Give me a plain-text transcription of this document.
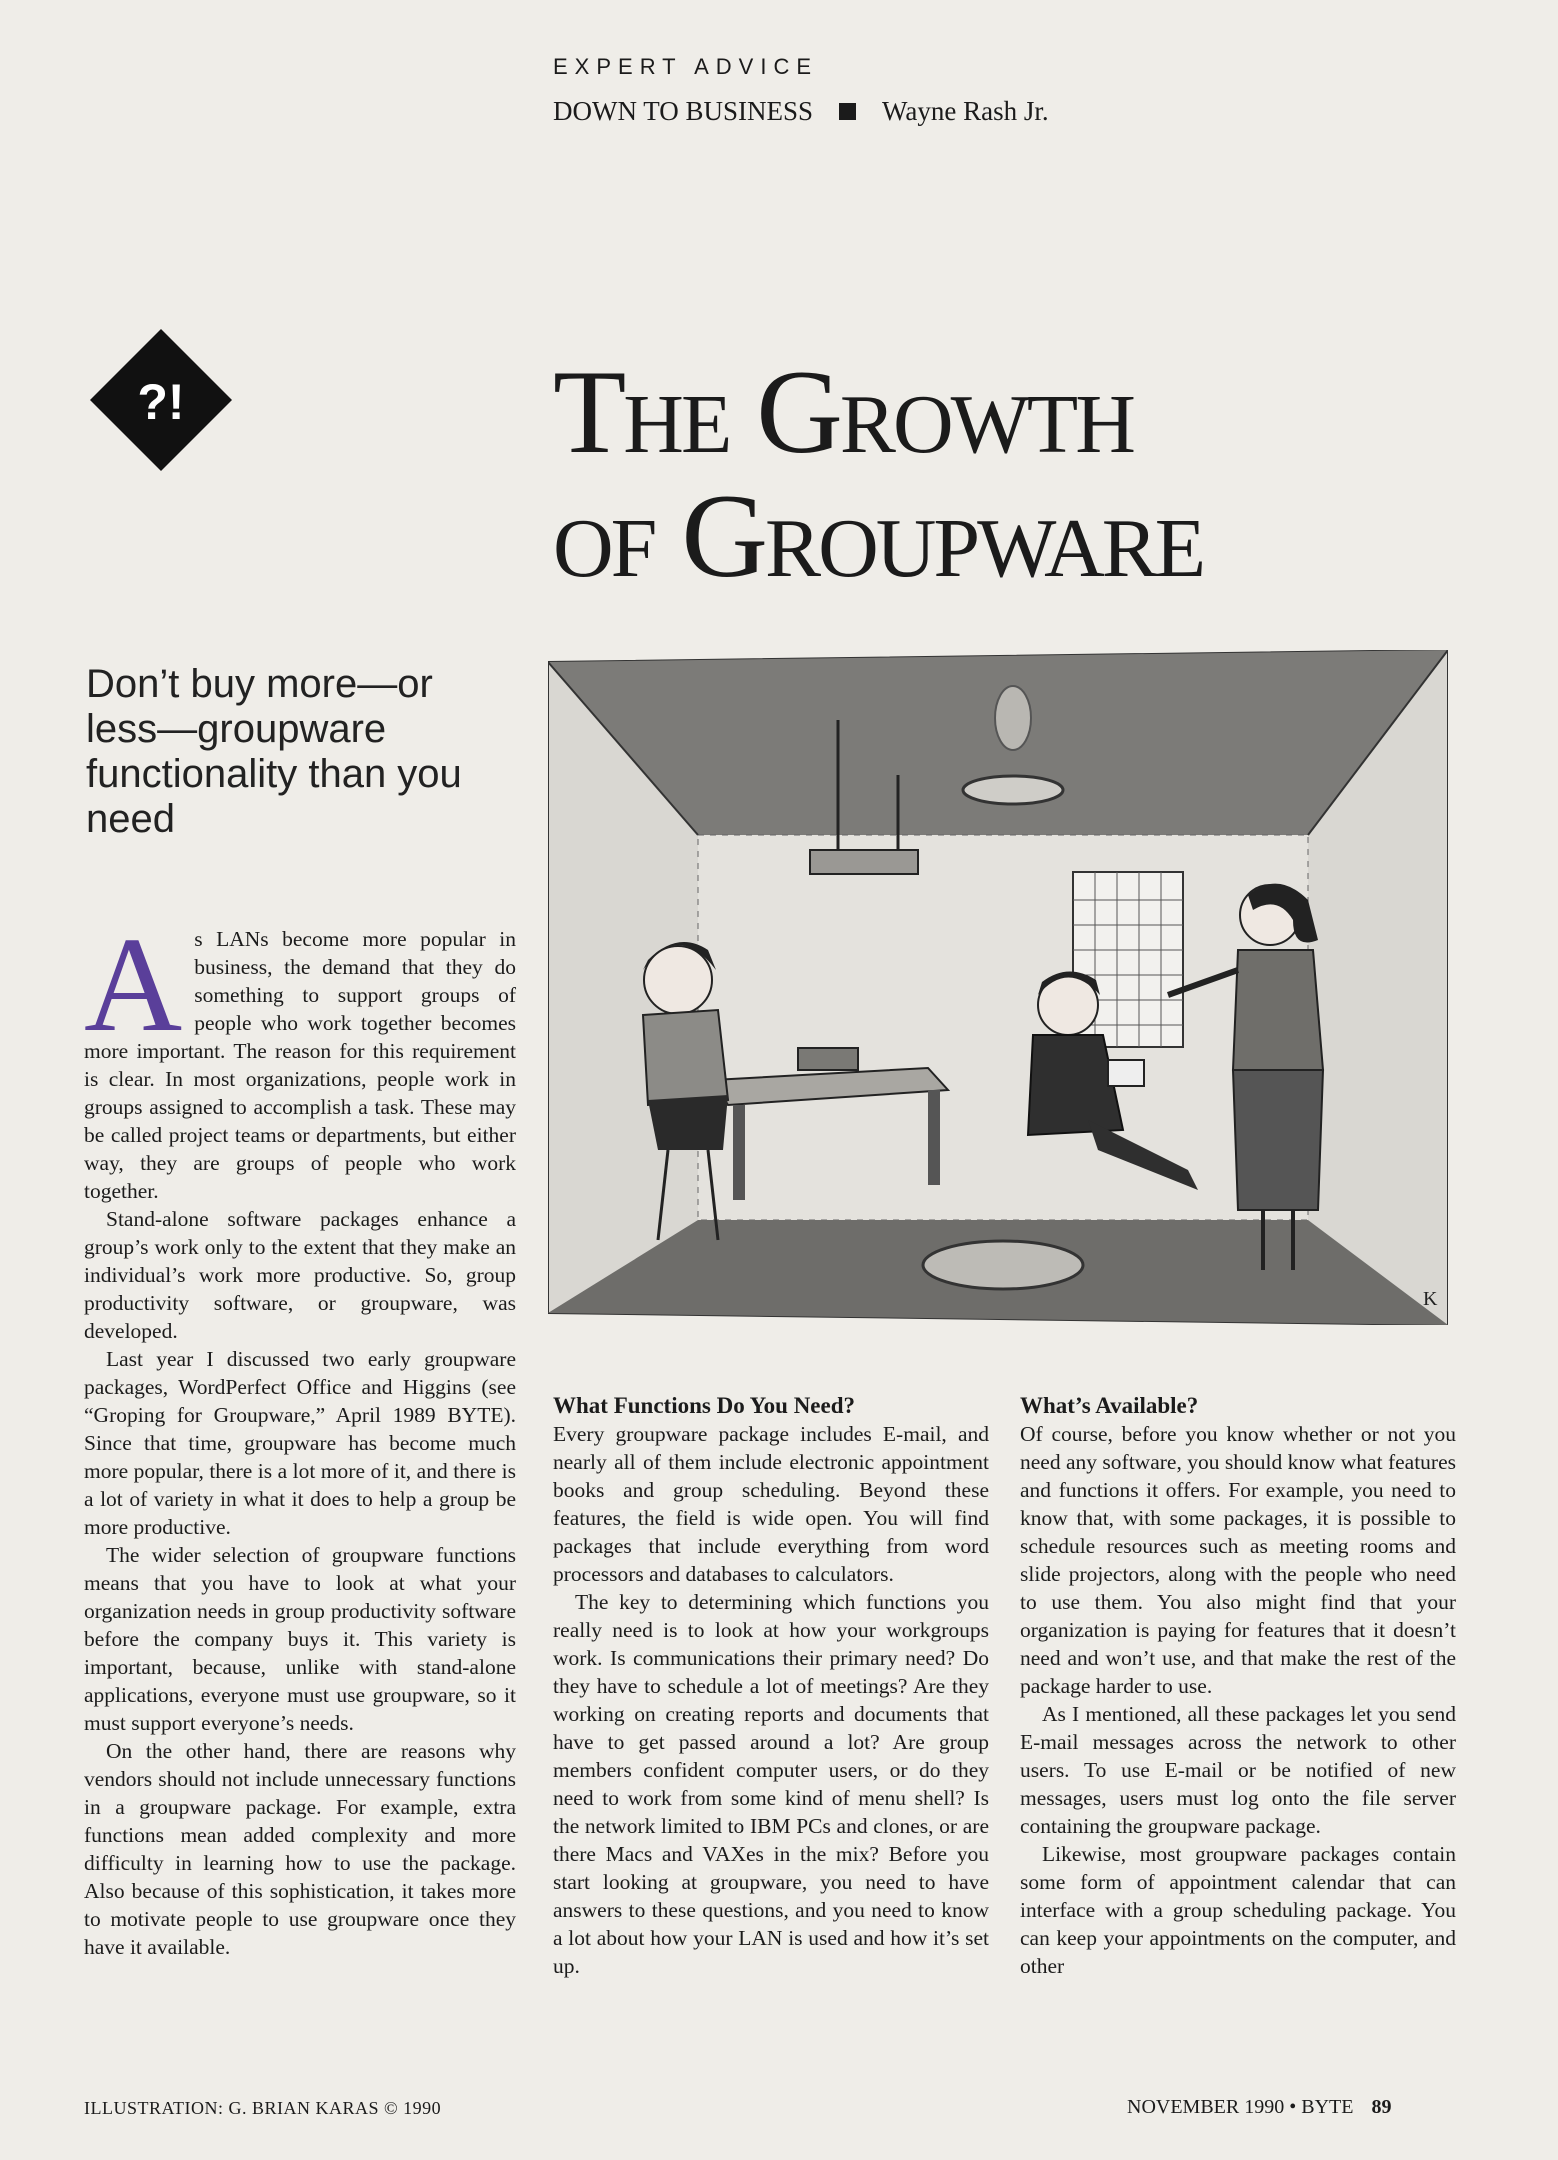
EXPERT ADVICE
DOWN TO BUSINESS	Wayne Rash Jr.
?!	The Growth
of Groupware
Don’t buy more—or less—groupware functionality than you need
K
A s LANs become more popular in business, the demand that they do something to support groups of people who work together becomes more important. The reason for this requirement is clear. In most organizations, people work in groups assigned to accomplish a task. These may be called project teams or departments, but either way, they are groups of people who work together.

Stand-alone software packages enhance a group’s work only to the extent that they make an individual’s work more productive. So, group productivity software, or groupware, was developed.

Last year I discussed two early groupware packages, WordPerfect Office and Higgins (see “Groping for Groupware,” April 1989 BYTE). Since that time, groupware has become much more popular, there is a lot more of it, and there is a lot of variety in what it does to help a group be more productive.

The wider selection of groupware functions means that you have to look at what your organization needs in group productivity software before the company buys it. This variety is important, because, unlike with stand-alone applications, everyone must use groupware, so it must support everyone’s needs.

On the other hand, there are reasons why vendors should not include unnecessary functions in a groupware package. For example, extra functions mean added complexity and more difficulty in learning how to use the package. Also because of this sophistication, it takes more to motivate people to use groupware once they have it available.

What Functions Do You Need?

Every groupware package includes E-mail, and nearly all of them include electronic appointment books and group scheduling. Beyond these features, the field is wide open. You will find packages that include everything from word processors and databases to calculators.

The key to determining which functions you really need is to look at how your workgroups work. Is communications their primary need? Do they have to schedule a lot of meetings? Are they working on creating reports and documents that have to get passed around a lot? Are group members confident computer users, or do they need to work from some kind of menu shell? Is the network limited to IBM PCs and clones, or are there Macs and VAXes in the mix? Before you start looking at groupware, you need to have answers to these questions, and you need to know a lot about how your LAN is used and how it’s set up.

What’s Available?

Of course, before you know whether or not you need any software, you should know what features and functions it offers. For example, you need to know that, with some packages, it is possible to schedule resources such as meeting rooms and slide projectors, along with the people who need to use them. You also might find that your organization is paying for features that it doesn’t need and won’t use, and that make the rest of the package harder to use.

As I mentioned, all these packages let you send E-mail messages across the network to other users. To use E-mail or be notified of new messages, users must log onto the file server containing the groupware package.

Likewise, most groupware packages contain some form of appointment calendar that can interface with a group scheduling package. You can keep your appointments on the computer, and other

ILLUSTRATION: G. BRIAN KARAS © 1990	NOVEMBER 1990 • BYTE 89
